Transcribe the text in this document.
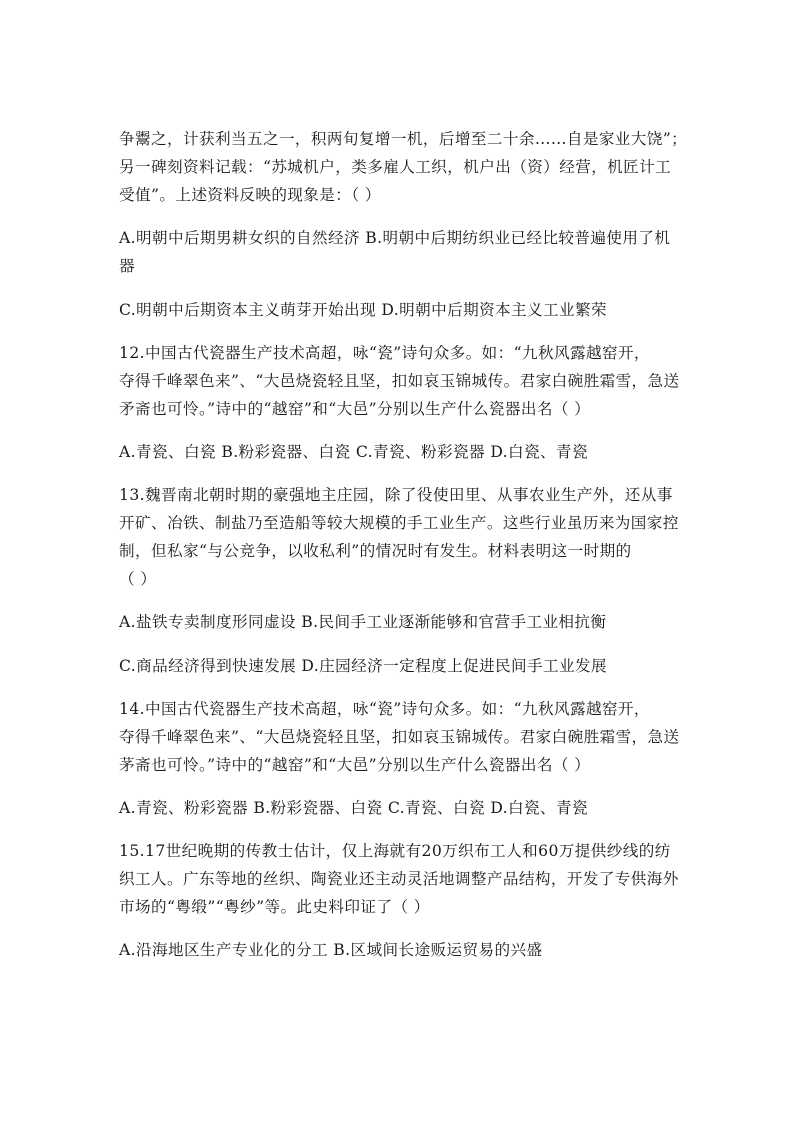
争鬻之，计获利当五之一，积两旬复增一机，后增至二十余……自是家业大饶”；
另一碑刻资料记载：“苏城机户，类多雇人工织，机户出（资）经营，机匠计工
受值”。上述资料反映的现象是：（ ）
A.明朝中后期男耕女织的自然经济 B.明朝中后期纺织业已经比较普遍使用了机
器
C.明朝中后期资本主义萌芽开始出现 D.明朝中后期资本主义工业繁荣
12.中国古代瓷器生产技术高超，咏“瓷”诗句众多。如：“九秋风露越窑开，
夺得千峰翠色来”、“大邑烧瓷轻且坚，扣如哀玉锦城传。君家白碗胜霜雪，急送
矛斋也可怜。”诗中的“越窑”和“大邑”分别以生产什么瓷器出名（ ）
A.青瓷、白瓷 B.粉彩瓷器、白瓷 C.青瓷、粉彩瓷器 D.白瓷、青瓷
13.魏晋南北朝时期的豪强地主庄园，除了役使田里、从事农业生产外，还从事
开矿、冶铁、制盐乃至造船等较大规模的手工业生产。这些行业虽历来为国家控
制，但私家“与公竞争，以收私利”的情况时有发生。材料表明这一时期的
（ ）
A.盐铁专卖制度形同虚设 B.民间手工业逐渐能够和官营手工业相抗衡
C.商品经济得到快速发展 D.庄园经济一定程度上促进民间手工业发展
14.中国古代瓷器生产技术高超，咏“瓷”诗句众多。如：“九秋风露越窑开，
夺得千峰翠色来”、“大邑烧瓷轻且坚，扣如哀玉锦城传。君家白碗胜霜雪，急送
茅斋也可怜。”诗中的“越窑”和“大邑”分别以生产什么瓷器出名（ ）
A.青瓷、粉彩瓷器 B.粉彩瓷器、白瓷 C.青瓷、白瓷 D.白瓷、青瓷
15.17世纪晚期的传教士估计，仅上海就有20万织布工人和60万提供纱线的纺
织工人。广东等地的丝织、陶瓷业还主动灵活地调整产品结构，开发了专供海外
市场的“粤缎”“粤纱”等。此史料印证了（ ）
A.沿海地区生产专业化的分工 B.区域间长途贩运贸易的兴盛
